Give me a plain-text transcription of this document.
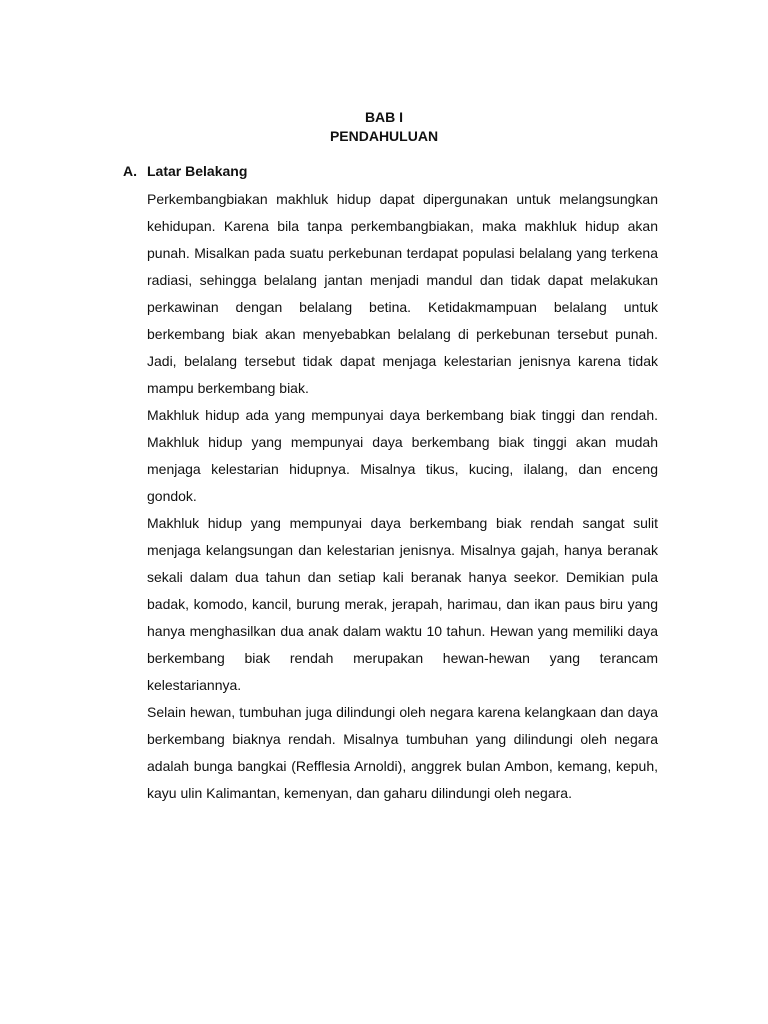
BAB I
PENDAHULUAN
A. Latar Belakang

Perkembangbiakan makhluk hidup dapat dipergunakan untuk melangsungkan kehidupan. Karena bila tanpa perkembangbiakan, maka makhluk hidup akan punah. Misalkan pada suatu perkebunan terdapat populasi belalang yang terkena radiasi, sehingga belalang jantan menjadi mandul dan tidak dapat melakukan perkawinan dengan belalang betina. Ketidakmampuan belalang untuk berkembang biak akan menyebabkan belalang di perkebunan tersebut punah. Jadi, belalang tersebut tidak dapat menjaga kelestarian jenisnya karena tidak mampu berkembang biak.

Makhluk hidup ada yang mempunyai daya berkembang biak tinggi dan rendah. Makhluk hidup yang mempunyai daya berkembang biak tinggi akan mudah menjaga kelestarian hidupnya. Misalnya tikus, kucing, ilalang, dan enceng gondok.

Makhluk hidup yang mempunyai daya berkembang biak rendah sangat sulit menjaga kelangsungan dan kelestarian jenisnya. Misalnya gajah, hanya beranak sekali dalam dua tahun dan setiap kali beranak hanya seekor. Demikian pula badak, komodo, kancil, burung merak, jerapah, harimau, dan ikan paus biru yang hanya menghasilkan dua anak dalam waktu 10 tahun. Hewan yang memiliki daya berkembang biak rendah merupakan hewan-hewan yang terancam kelestariannya.

Selain hewan, tumbuhan juga dilindungi oleh negara karena kelangkaan dan daya berkembang biaknya rendah. Misalnya tumbuhan yang dilindungi oleh negara adalah bunga bangkai (Refflesia Arnoldi), anggrek bulan Ambon, kemang, kepuh, kayu ulin Kalimantan, kemenyan, dan gaharu dilindungi oleh negara.
